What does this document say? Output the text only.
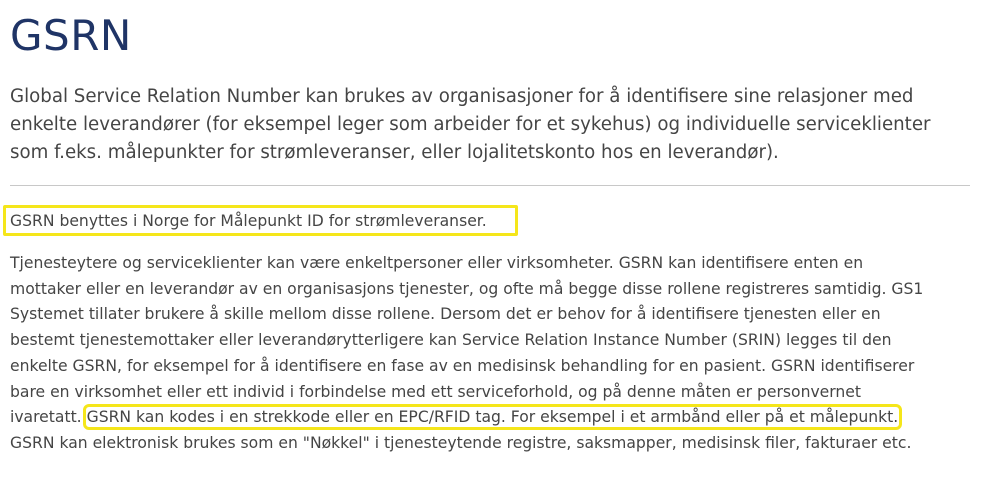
GSRN

Global Service Relation Number kan brukes av organisasjoner for å identifisere sine relasjoner med
enkelte leverandører (for eksempel leger som arbeider for et sykehus) og individuelle serviceklienter
som f.eks. målepunkter for strømleveranser, eller lojalitetskonto hos en leverandør).

GSRN benyttes i Norge for Målepunkt ID for strømleveranser.

Tjenesteytere og serviceklienter kan være enkeltpersoner eller virksomheter. GSRN kan identifisere enten en
mottaker eller en leverandør av en organisasjons tjenester, og ofte må begge disse rollene registreres samtidig. GS1
Systemet tillater brukere å skille mellom disse rollene. Dersom det er behov for å identifisere tjenesten eller en
bestemt tjenestemottaker eller leverandørytterligere kan Service Relation Instance Number (SRIN) legges til den
enkelte GSRN, for eksempel for å identifisere en fase av en medisinsk behandling for en pasient. GSRN identifiserer
bare en virksomhet eller ett individ i forbindelse med ett serviceforhold, og på denne måten er personvernet
ivaretatt. GSRN kan kodes i en strekkode eller en EPC/RFID tag. For eksempel i et armbånd eller på et målepunkt.
GSRN kan elektronisk brukes som en "Nøkkel" i tjenesteytende registre, saksmapper, medisinsk filer, fakturaer etc.
